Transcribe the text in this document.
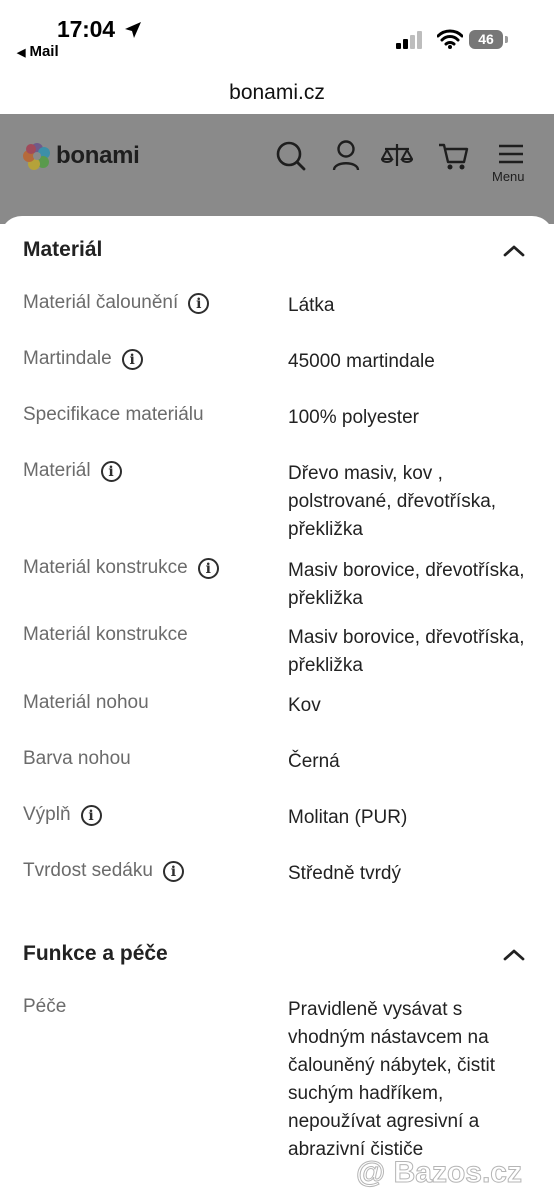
17:04
◀ Mail
46
bonami.cz
bonami
Menu
Materiál
Materiál čalounění	i	Látka
Martindale	i	45000 martindale
Specifikace materiálu	100% polyester
Materiál	i	Dřevo masiv, kov , polstrované, dřevotříska, překližka
Materiál konstrukce	i	Masiv borovice, dřevotříska, překližka
Materiál konstrukce	Masiv borovice, dřevotříska, překližka
Materiál nohou	Kov
Barva nohou	Černá
Výplň	i	Molitan (PUR)
Tvrdost sedáku	i	Středně tvrdý
Funkce a péče
Péče	Pravidleně vysávat s vhodným nástavcem na čalouněný nábytek, čistit suchým hadříkem, nepoužívat agresivní a abrazivní čističe
@ Bazos.cz
